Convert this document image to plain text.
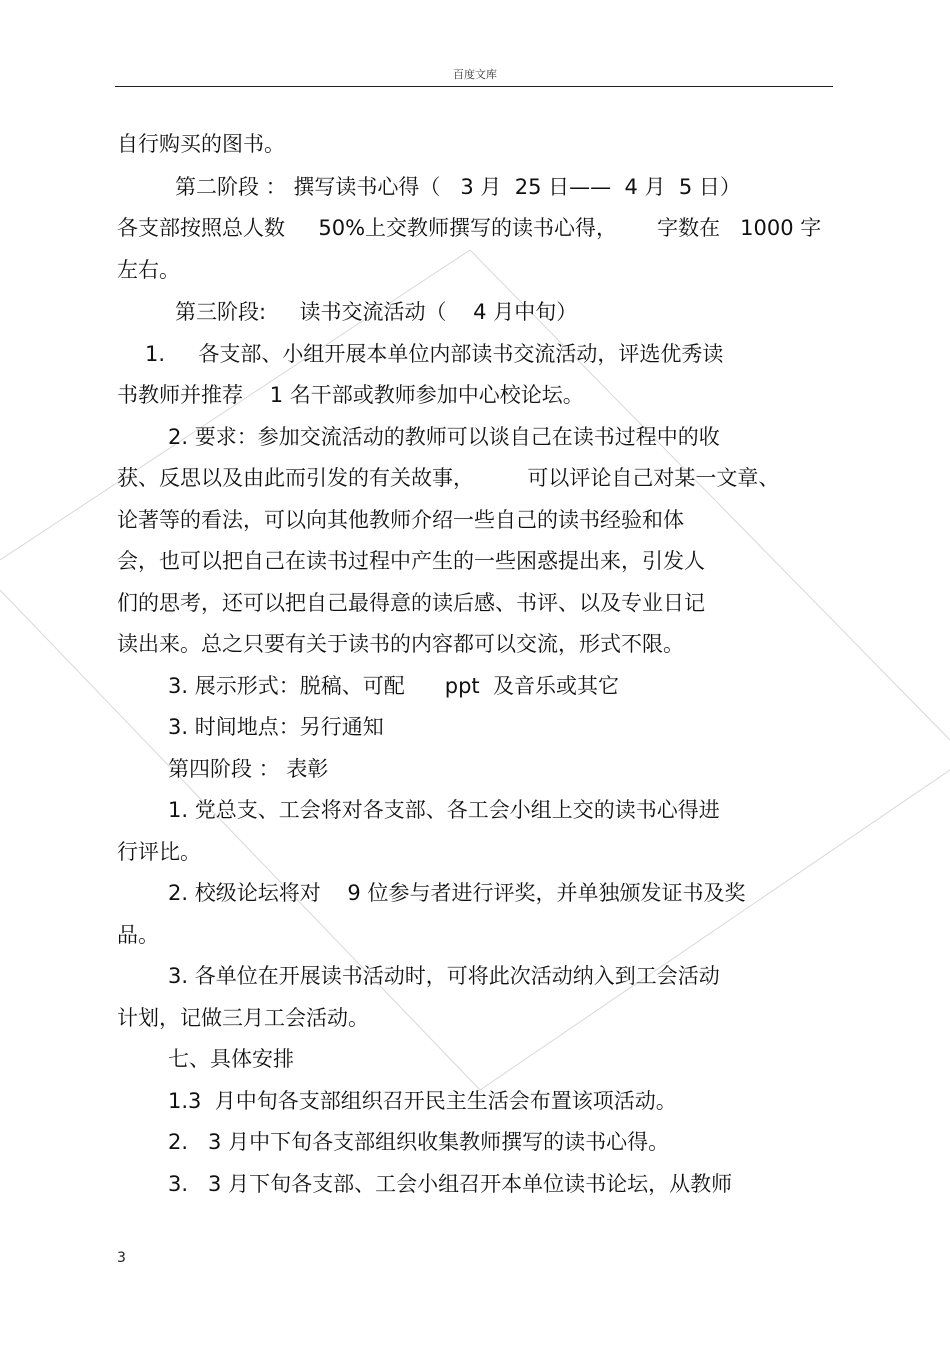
百度文库
自行购买的图书。
第二阶段 ： 撰写读书心得（   3 月  25 日——  4 月  5 日）
各支部按照总人数     50%上交教师撰写的读书心得，      字数在   1000 字
左右。
第三阶段:     读书交流活动（    4 月中旬）
1.     各支部、小组开展本单位内部读书交流活动，评选优秀读
书教师并推荐    1 名干部或教师参加中心校论坛。
2. 要求：参加交流活动的教师可以谈自己在读书过程中的收
获、反思以及由此而引发的有关故事，        可以评论自己对某一文章、
论著等的看法，可以向其他教师介绍一些自己的读书经验和体
会，也可以把自己在读书过程中产生的一些困惑提出来，引发人
们的思考，还可以把自己最得意的读后感、书评、以及专业日记
读出来。总之只要有关于读书的内容都可以交流，形式不限。
3. 展示形式：脱稿、可配      ppt  及音乐或其它
3. 时间地点：另行通知
第四阶段 ： 表彰
1. 党总支、工会将对各支部、各工会小组上交的读书心得进
行评比。
2. 校级论坛将对    9 位参与者进行评奖，并单独颁发证书及奖
品。
3. 各单位在开展读书活动时，可将此次活动纳入到工会活动
计划，记做三月工会活动。
七、具体安排
1.3  月中旬各支部组织召开民主生活会布置该项活动。
2.   3 月中下旬各支部组织收集教师撰写的读书心得。
3.   3 月下旬各支部、工会小组召开本单位读书论坛，从教师
3
